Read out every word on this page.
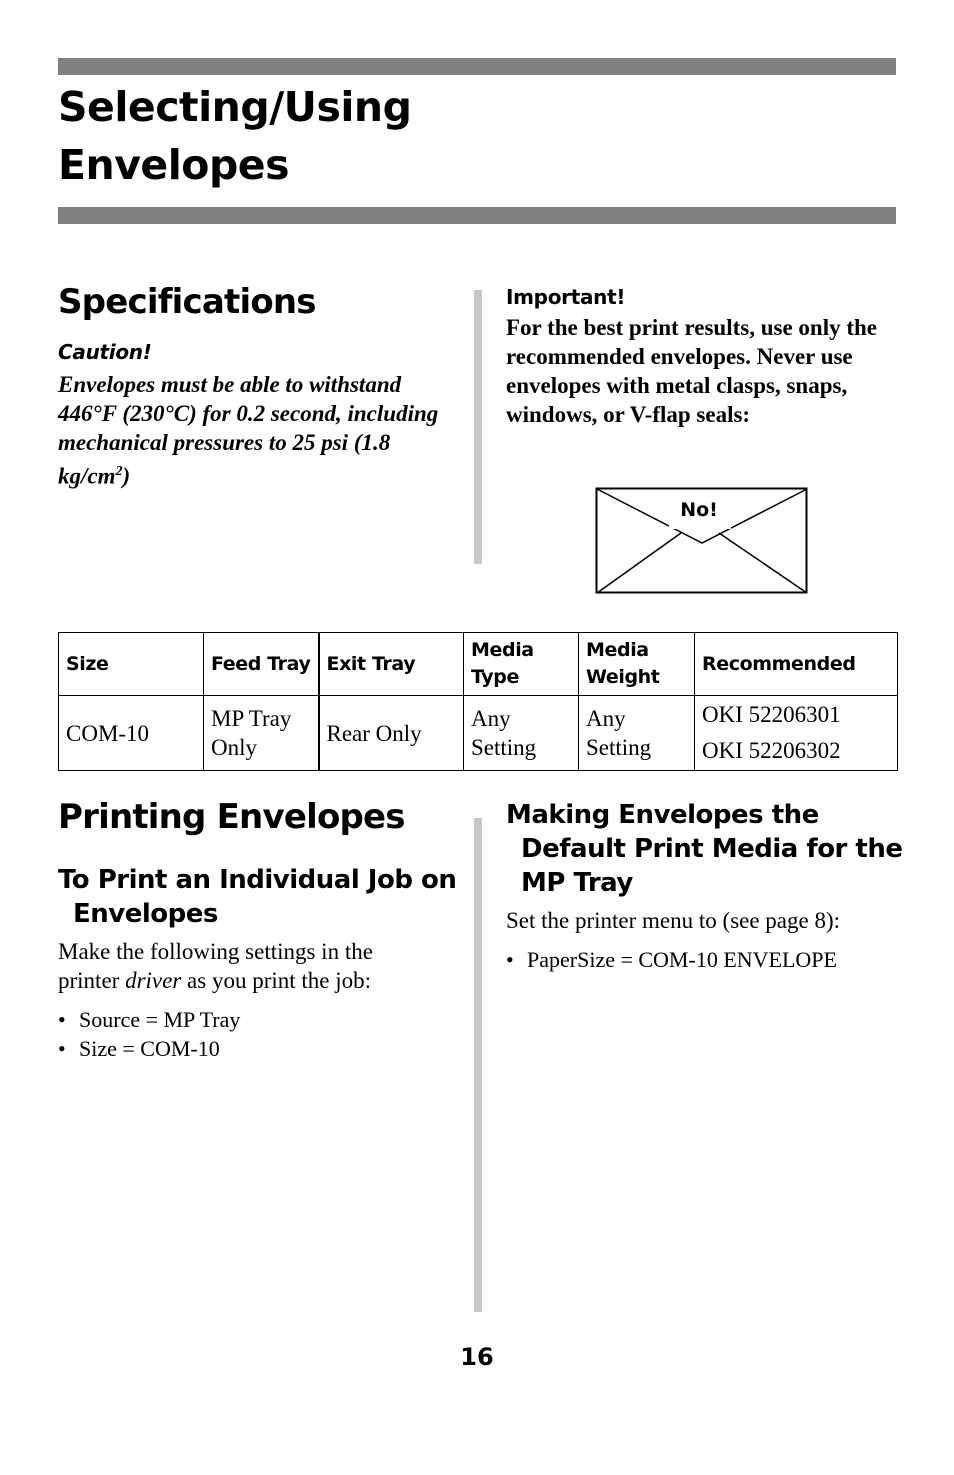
Selecting/Using
Envelopes
Specifications
Caution!
Envelopes must be able to withstand 446°F (230°C) for 0.2 second, including mechanical pressures to 25 psi (1.8 $kg/cm^2$)
Important!
For the best print results, use only the recommended envelopes. Never use envelopes with metal clasps, snaps, windows, or V-flap seals:
No!
Size	Feed Tray	Exit Tray	Media Type	Media Weight	Recommended
COM-10	MP Tray Only	Rear Only	Any Setting	Any Setting	OKI 52206301
OKI 52206302
Printing Envelopes
To Print an Individual Job on Envelopes
Make the following settings in the printer driver as you print the job:
• Source = MP Tray
• Size = COM-10
Making Envelopes the Default Print Media for the MP Tray
Set the printer menu to (see page 8):
• PaperSize = COM-10 ENVELOPE
16
